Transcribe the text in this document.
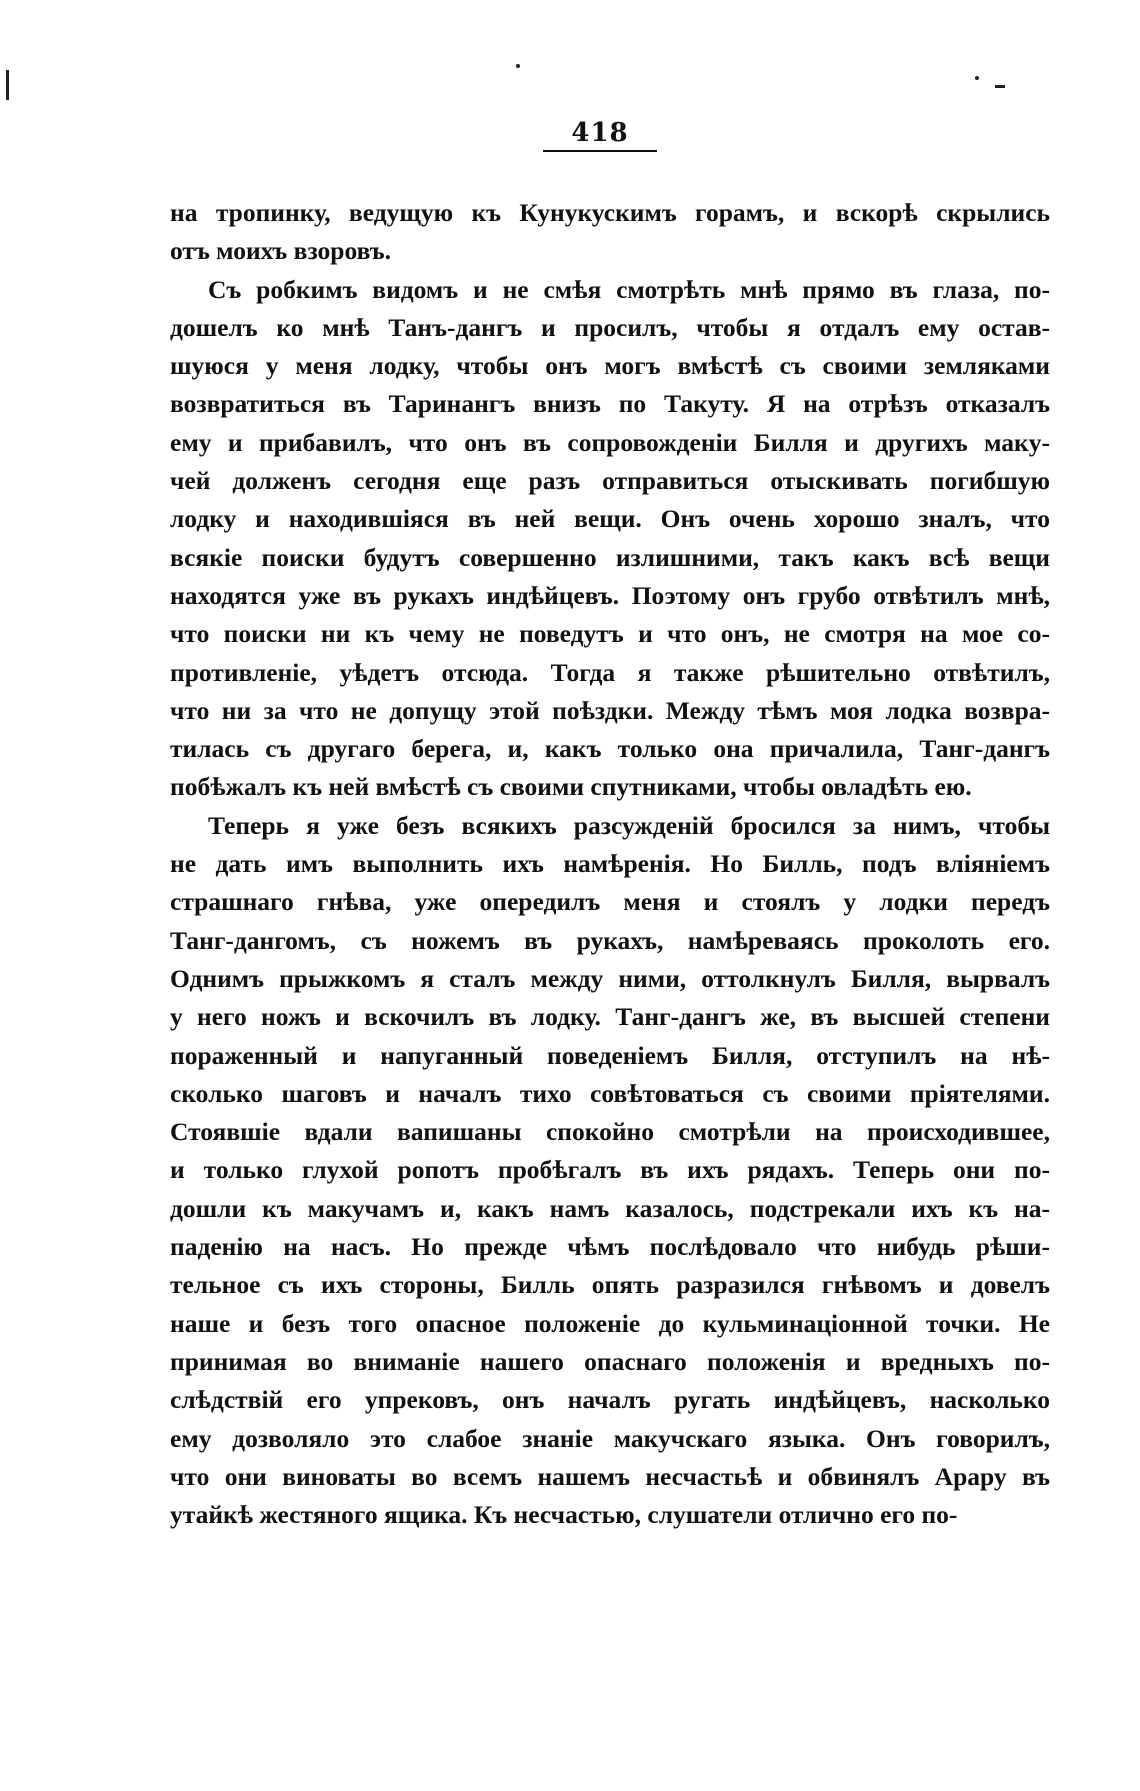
418
на тропинку, ведущую къ Кунукускимъ горамъ, и вскорѣ скрылись
отъ моихъ взоровъ.
Съ робкимъ видомъ и не смѣя смотрѣть мнѣ прямо въ глаза, по-
дошелъ ко мнѣ Танъ-дангъ и просилъ, чтобы я отдалъ ему остав-
шуюся у меня лодку, чтобы онъ могъ вмѣстѣ съ своими земляками
возвратиться въ Таринангъ внизъ по Такуту. Я на отрѣзъ отказалъ
ему и прибавилъ, что онъ въ сопровожденiи Билля и другихъ макy-
чей долженъ сегодня еще разъ отправиться отыскивать погибшую
лодку и находившiяся въ ней вещи. Онъ очень хорошо зналъ, что
всякiе поиски будутъ совершенно излишними, такъ какъ всѣ вещи
находятся уже въ рукахъ индѣйцевъ. Поэтому онъ грубо отвѣтилъ мнѣ,
что поиски ни къ чему не поведутъ и что онъ, не смотря на мое со-
противленiе, уѣдетъ отсюда. Тогда я также рѣшительно отвѣтилъ,
что ни за что не допущу этой поѣздки. Между тѣмъ моя лодка возвра-
тилась съ другаго берега, и, какъ только она причалила, Танг-дангъ
побѣжалъ къ ней вмѣстѣ съ своими спутниками, чтобы овладѣть ею.
Теперь я уже безъ всякихъ разсужденiй бросился за нимъ, чтобы
не дать имъ выполнить ихъ намѣренiя. Но Билль, подъ влiянiемъ
страшнаго гнѣва, уже опередилъ меня и стоялъ у лодки передъ
Танг-дангомъ, съ ножемъ въ рукахъ, намѣреваясь проколоть его.
Однимъ прыжкомъ я сталъ между ними, оттолкнулъ Билля, вырвалъ
у него ножъ и вскочилъ въ лодку. Танг-дангъ же, въ высшей степени
пораженный и напуганный поведенiемъ Билля, отступилъ на нѣ-
сколько шаговъ и началъ тихо совѣтоваться съ своими прiятелями.
Стоявшiе вдали вапишаны спокойно смотрѣли на происходившее,
и только глухой ропотъ пробѣгалъ въ ихъ рядахъ. Теперь они по-
дошли къ макучамъ и, какъ намъ казалось, подстрекали ихъ къ на-
паденiю на насъ. Но прежде чѣмъ послѣдовало что нибудь рѣши-
тельное съ ихъ стороны, Билль опять разразился гнѣвомъ и довелъ
наше и безъ того опасное положенiе до кульминацiонной точки. Не
принимая во вниманiе нашего опаснаго положенiя и вредныхъ по-
слѣдствiй его упрековъ, онъ началъ ругать индѣйцевъ, насколько
ему дозволяло это слабое знанiе макучскаго языка. Онъ говорилъ,
что они виноваты во всемъ нашемъ несчастьѣ и обвинялъ Арару въ
утайкѣ жестяного ящика. Къ несчастью, слушатели отлично его по-
